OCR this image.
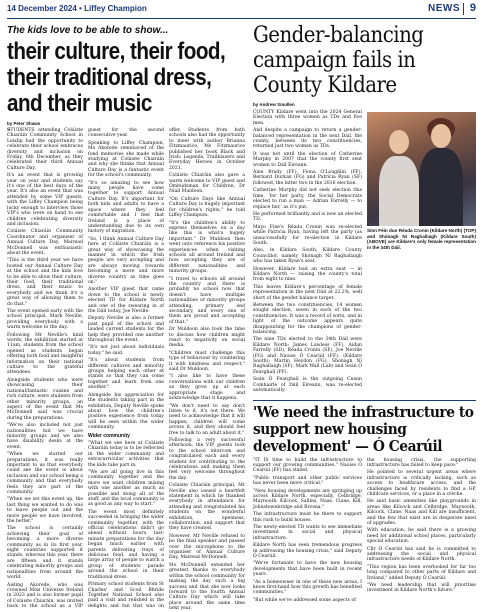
14 December 2024 • Liffey Champion	NEWS 9
The kids love to be able to show...
their culture, their food, their traditional dress, and their music
by Peter Shaws

STUDENTS attending Coláiste Chiaráin Community School in Leixlip had the opportunity to celebrate their school embraces diversity and inclusion on Friday, 6th December, as they celebrated their third Annual Culture Day.

It's an event that is growing year on year and students say it's one of the best days of the year. It's also an event that was attended by some VIP guests, with the Liffey Champion being lucky enough to interview those VIP's who were on hand to see children celebrating diversity and inclusion.

Coláiste Chiaráin Community Coordinator and organiser of Annual Culture Day, Mairead McDonnell was enthusiastic about the event.

"This is the third year we have hosted our Annual Culture Day at the school and the kids love to be able to show their culture, their food, their traditional dress, and their music to everybody and we think it's a great way of allowing them to do that."

The event opened early with the school principal, Mark Neville, providing everybody with a warm welcome to the day.

Following Mr Neville's kind words, the exhibition started at 11am, students from the school opened as students began offering both food and insightful information on their national culture to the grateful attendees.

Alongside students who were showcasing their national/fantastic cuisine and rich culture, were students from other minority groups, an aspect of the event that Ms McDonnell said was crucial during the preparations.

"We've also included not just nationalities but we have minority groups and we also have disability desks at the event.

"When we started our preparations, it was really important to us that everybody could see the event is about inclusion and our school being a community and that everybody feels they are part of the community.

"When we set this event up, the last thing we wanted to do was to leave people out and the more people we have involved, the better."

The school is certainly achieving their goal of becoming a more diverse community as in its first year, eight countries supported it stands, whereas this year, there are fifteen and it stands celebrating minority groups and nationalities from around the world.

Aisling Akorede, who was crowned Miss Universe Ireland in 2023 and is also former pupil of Coláiste Chiaráin, was invited back to the school as a VIP guest for the second consecutive year.

Speaking to Liffey Champion, Ms Akorede reminisced of the fond memories she made while studying at Coláiste Chiaráin and why she thinks that Annual Culture Day is a fantastic event for the school's community.

"It's so amazing to see how many people have come together to support Annual Culture Day. It's important for both kids and adults to have a space where they feel comfortable and I feel that Ireland is a place of understanding due to its own history of migration.

"So, I think Annual Culture Day here at Coláiste Chiaráin is a great way of showcasing the manner in which the Irish people are very accepting and are always moving towards becoming a more and more diverse country as time goes on."

Another VIP guest that came down to the school is newly elected TD for Kildare North and one of the swearing in of the Dáil today, Joe Neville.

Deputy Neville is also a former past pupil of the school and lauded current students for the help they provided one another throughout the event.

"It's not just about individuals today," he said.

"It's about students from different cultures and minority groups helping each other at stands so that they can come together and learn from one another."

Alongside his appreciation for the students taking part in the exhibition, Deputy Neville spoke about how the children's positive experience from today will be seen within the wider community.

Wider community

"What we see here at Coláiste Chiaráin today is to be reflected in the wider community and extracurricular activities that the kids take part in.

"We are all going live in this community together and the more we want children mixing with one another as much as possible and doing all of the stuff, and the local community is as good as any way to start."

The event most definitely succeeded in bringing the wider community together, with the official celebrations didn't go ahead without hours, last-minute preparations for the day began much earlier with parents delivering trays of delicious food, and having a large array of people to watch a group of students parade around the school in their traditional dress.

Primary school students from St Charles' and Scoil Bhríde Together National School also paid a visit and relished in the delights and fun that was on offer. Students from both schools also had the opportunity to meet with author Brianna Fitzmaurice, Ms Fitzmaurice published her book Black and Irish: Legends, Trailblazers and Everyday Heroes in October 2021.

Coláiste Chiaráin also gave a warm welcome to VIP guest and Ombudsman for Children, Dr Niall Muldoon.

"On Culture Days like Annual Culture Day is hugely important for children's rights," he told Liffey Champion.

"It's the children's ability to express themselves on a day like this is what's hugely important." Dr Muldoon then went onto reference his positive experiences when visiting schools all around Ireland and how accepting they are of different nationalities and minority groups.

"I travel to schools all around the country and there is probably no school now that doesn't have multiple nationalities or minority groups attending, primary and secondary, and every one of them are proud and accepting of that."

Dr Muldoon also took the time to discuss how children might react to negativity on social media.

"Children must challenge this type of behaviour by countering it with kindness and respect," said Dr Muldoon.

"I also like to have these conversations with our children as they grow up at each appropriate stage and acknowledge that it happens.

"We don't need to say don't listen to it, it's out there. We need to acknowledge that it will happen; children will come across it, and they should feel free to talk to an adult about it."

Following a very successful afternoon, the VIP guests took to the school intercom and congratulated each and every student for contributing to the celebrations and making them feel very welcome throughout the day.

Coláiste Chiaráin principal, Mr Neville also issued a heartfelt statement in which he thanked everybody in attendance for attending and congratulated his students on the wonderful exhibition, openness, collaboration, and support that they have created.

However, Mr Neville refused to be the final speaker and passed over the microphone to the organiser of Annual Culture Day, Mairead McDonnell.

Ms McDonnell extended her greatest thanks to everybody within the school community for making the day such a big success and that she now looks forward to the fourth Annual Culture Day which will take place around the same time next year.

Gender-balancing campaign fails in County Kildare
by Andrew Smullen

COUNTY Kildare went into the 2024 General Election with three women as TDs and five men.

And despite a campaign to return a gender-balanced representation in the next Dáil, the county, between its two constituencies, returned just two women as TDs.

It was not until the election of Catherine Murphy in 2007 that the county first sent women to Dáil Éireann.

Aine Brady (FF), Fiona O'Loughlin (FF), Bernard Durkan (FG) and Patricia Ryan (SF) followed, the latter two in the 2016 election.

Catherine Murphy did not seek election this time, 'for her party, the Social Democrats elected to run a man — Adrian Farrelly — to replace her,' as it's put.

He performed brilliantly and is now an elected TD.

Mayo Fine's Réada Cronin was re-elected while Patricia Ryan, having left the party (as unsuccessfully for re-election in Kildare South.

Also, in Kildare South, Kildare County Councillor, namely Shónagh Ní Raghallaigh who has taken Ryan's seat.

However, Kildare had an extra seat — in Kildare North — raising the county's total from eight to nine.

This leaves Kildare's percentage of female representation in the next Dáil at 22.2%, well short of the gender balance target.

Between the two constituencies, 14 women sought election, seven in each of the two constituencies. It was a record of sorts, and in light of the outcome appears quite disappointing for the champions of gender-balancing.

The nine TDs elected to the 34th Dáil were Kildare North: James Lawless (FF), Aidan Farrelly (SD), Réada Cronin (SF), Joe Neville (FG) and Naoise Ó Cearúil (FF). (Kildare South): Martin Heydon (FG), Shónagh Ní Raghallaigh (SF), Mark Wall (Lab) and Seán Ó Fearghaíl (FF).

Seán Ó Fearghaíl is the outgoing Ceann Comhairle of Dáil Éireann, was re-elected automatically.

Sinn Féin duo Réada Cronin (Kildare North) (TOP) and Shónagh Ní Raghallaigh (Kildare South) (ABOVE) are Kildare's only female representation in the 34th Dáil.
'We need the infrastructure to support new housing development' — Ó Cearúil

"IT IS time to build the infrastructure to support our growing communities," Naoise Ó Cearúil (FF) has stated.

"Public transport and other public services has never been more critical."

"New housing developments are springing up across Kildare North, especially, Celbridge, Maynooth, Kilcock, Sallins, Naas, Clane, Kill, Johnstownbridge and Brosna."

The infrastructure must be there to support this rush to build houses.

The newly-elected TD wants to see immediate investment in social and physical infrastructure.

Kildare North has seen tremendous progress in addressing the housing crisis," said Deputy Ó Cearúil.

"We're fortunate to have the new housing developments that have been built in recent years.

"As a homeowner in one of these new areas, I know first-hand how this growth has benefited communities."

"But while we've addressed some aspects of

the housing crisis, the supporting infrastructure has failed to keep pace."

He pointed to several urgent areas where infrastructure is critically lacking, such as access to healthcare access, and the challenges faced by residents to find a GP, childcare services, or a place in a crèche.

He said basic amenities like playgrounds in areas like Kilcock and Celbridge, Maynooth, Kilcock, Clane, Naas and Kill are insufficient, and the few that exist are in desperate need of upgrades.

With education, he said there is a growing need for additional school places, particularly special education.

Cllr Ó Cearúil has said he is committed to addressing the social and physical infrastructure needs of Kildare North.

"This region has been overlooked for far too long compared to other parts of Kildare and Ireland," added Deputy Ó Cearúil.

"We need leadership that will prioritise investment in Kildare North's future."
